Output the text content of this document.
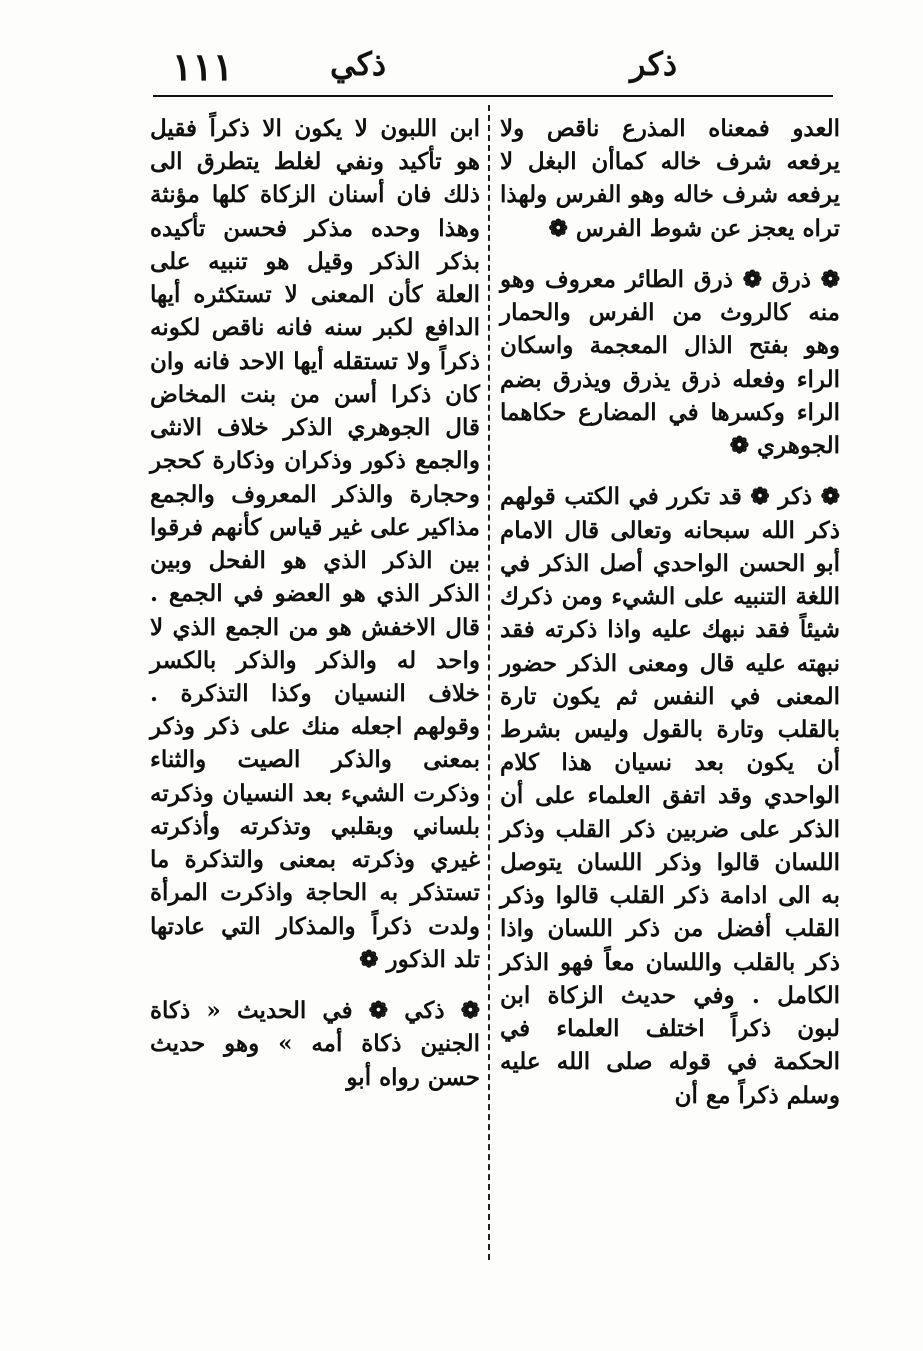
ذكر
ذكي
١١١

العدو فمعناه المذرع ناقص ولا يرفعه شرف خاله كماأن البغل لا يرفعه شرف خاله وهو الفرس ولهذا تراه يعجز عن شوط الفرس ❁

❁ ذرق ❁ ذرق الطائر معروف وهو منه كالروث من الفرس والحمار وهو بفتح الذال المعجمة واسكان الراء وفعله ذرق يذرق ويذرق بضم الراء وكسرها في المضارع حكاهما الجوهري ❁

❁ ذكر ❁ قد تكرر في الكتب قولهم ذكر الله سبحانه وتعالى قال الامام أبو الحسن الواحدي أصل الذكر في اللغة التنبيه على الشيء ومن ذكرك شيئاً فقد نبهك عليه واذا ذكرته فقد نبهته عليه قال ومعنى الذكر حضور المعنى في النفس ثم يكون تارة بالقلب وتارة بالقول وليس بشرط أن يكون بعد نسيان هذا كلام الواحدي وقد اتفق العلماء على أن الذكر على ضربين ذكر القلب وذكر اللسان قالوا وذكر اللسان يتوصل به الى ادامة ذكر القلب قالوا وذكر القلب أفضل من ذكر اللسان واذا ذكر بالقلب واللسان معاً فهو الذكر الكامل . وفي حديث الزكاة ابن لبون ذكراً اختلف العلماء في الحكمة في قوله صلى الله عليه وسلم ذكراً مع أن

ابن اللبون لا يكون الا ذكراً فقيل هو تأكيد ونفي لغلط يتطرق الى ذلك فان أسنان الزكاة كلها مؤنثة وهذا وحده مذكر فحسن تأكيده بذكر الذكر وقيل هو تنبيه على العلة كأن المعنى لا تستكثره أيها الدافع لكبر سنه فانه ناقص لكونه ذكراً ولا تستقله أيها الاحد فانه وان كان ذكرا أسن من بنت المخاض قال الجوهري الذكر خلاف الانثى والجمع ذكور وذكران وذكارة كحجر وحجارة والذكر المعروف والجمع مذاكير على غير قياس كأنهم فرقوا بين الذكر الذي هو الفحل وبين الذكر الذي هو العضو في الجمع . قال الاخفش هو من الجمع الذي لا واحد له والذكر والذكر بالكسر خلاف النسيان وكذا التذكرة . وقولهم اجعله منك على ذكر وذكر بمعنى والذكر الصيت والثناء وذكرت الشيء بعد النسيان وذكرته بلساني وبقلبي وتذكرته وأذكرته غيري وذكرته بمعنى والتذكرة ما تستذكر به الحاجة واذكرت المرأة ولدت ذكراً والمذكار التي عادتها تلد الذكور ❁

❁ ذكي ❁ في الحديث « ذكاة الجنين ذكاة أمه » وهو حديث حسن رواه أبو
